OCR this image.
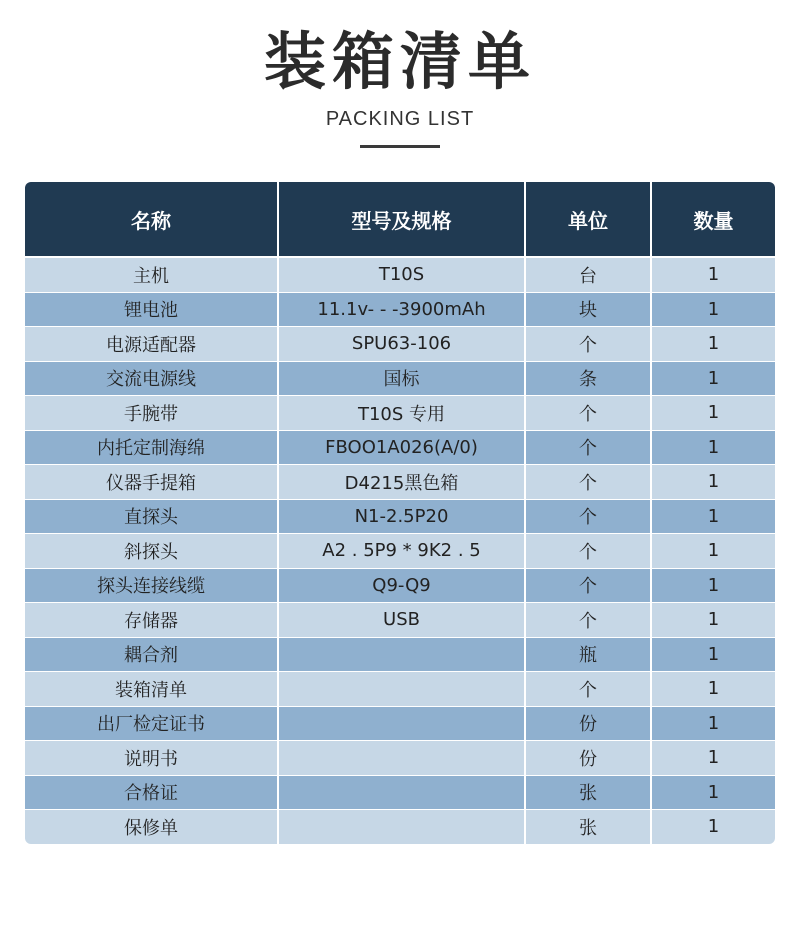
装箱清单
PACKING LIST
名称	型号及规格	单位	数量
主机	T10S	台	1
锂电池	11.1v- - -3900mAh	块	1
电源适配器	SPU63-106	个	1
交流电源线	国标	条	1
手腕带	T10S 专用	个	1
内托定制海绵	FBOO1A026(A/0)	个	1
仪器手提箱	D4215黑色箱	个	1
直探头	N1-2.5P20	个	1
斜探头	A2 . 5P9 * 9K2 . 5	个	1
探头连接线缆	Q9-Q9	个	1
存储器	USB	个	1
耦合剂		瓶	1
装箱清单		个	1
出厂检定证书		份	1
说明书		份	1
合格证		张	1
保修单		张	1
